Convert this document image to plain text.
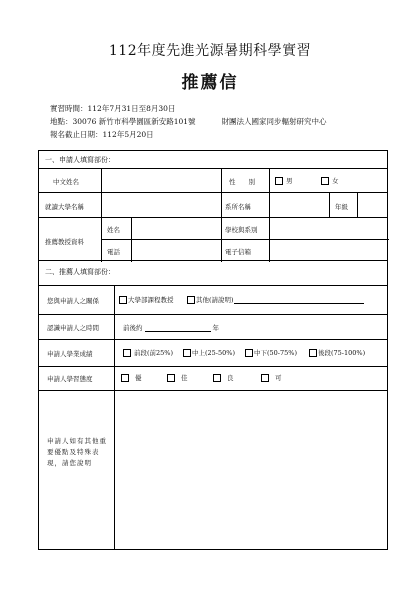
112年度先進光源暑期科學實習
推薦信
實習時間：112年7月31日至8月30日
地點：30076 新竹市科學園區新安路101號	財團法人國家同步輻射研究中心
報名截止日期：112年5月20日
一、申請人填寫部份：
中文姓名	性　　別	男	女
就讀大學名稱	系所名稱	年級
推薦教授資料
姓名	學校與系別
電話	電子信箱
二、推薦人填寫部份：
您與申請人之關係	大學部課程教授	其他(請說明)
認識申請人之時間	前後約	年
申請人學業成績	前段(前25%)	中上(25-50%)	中下(50-75%)	後段(75-100%)
申請人學習態度	優	佳	良	可
申請人如有其他重要優點及特殊表現，請您說明
